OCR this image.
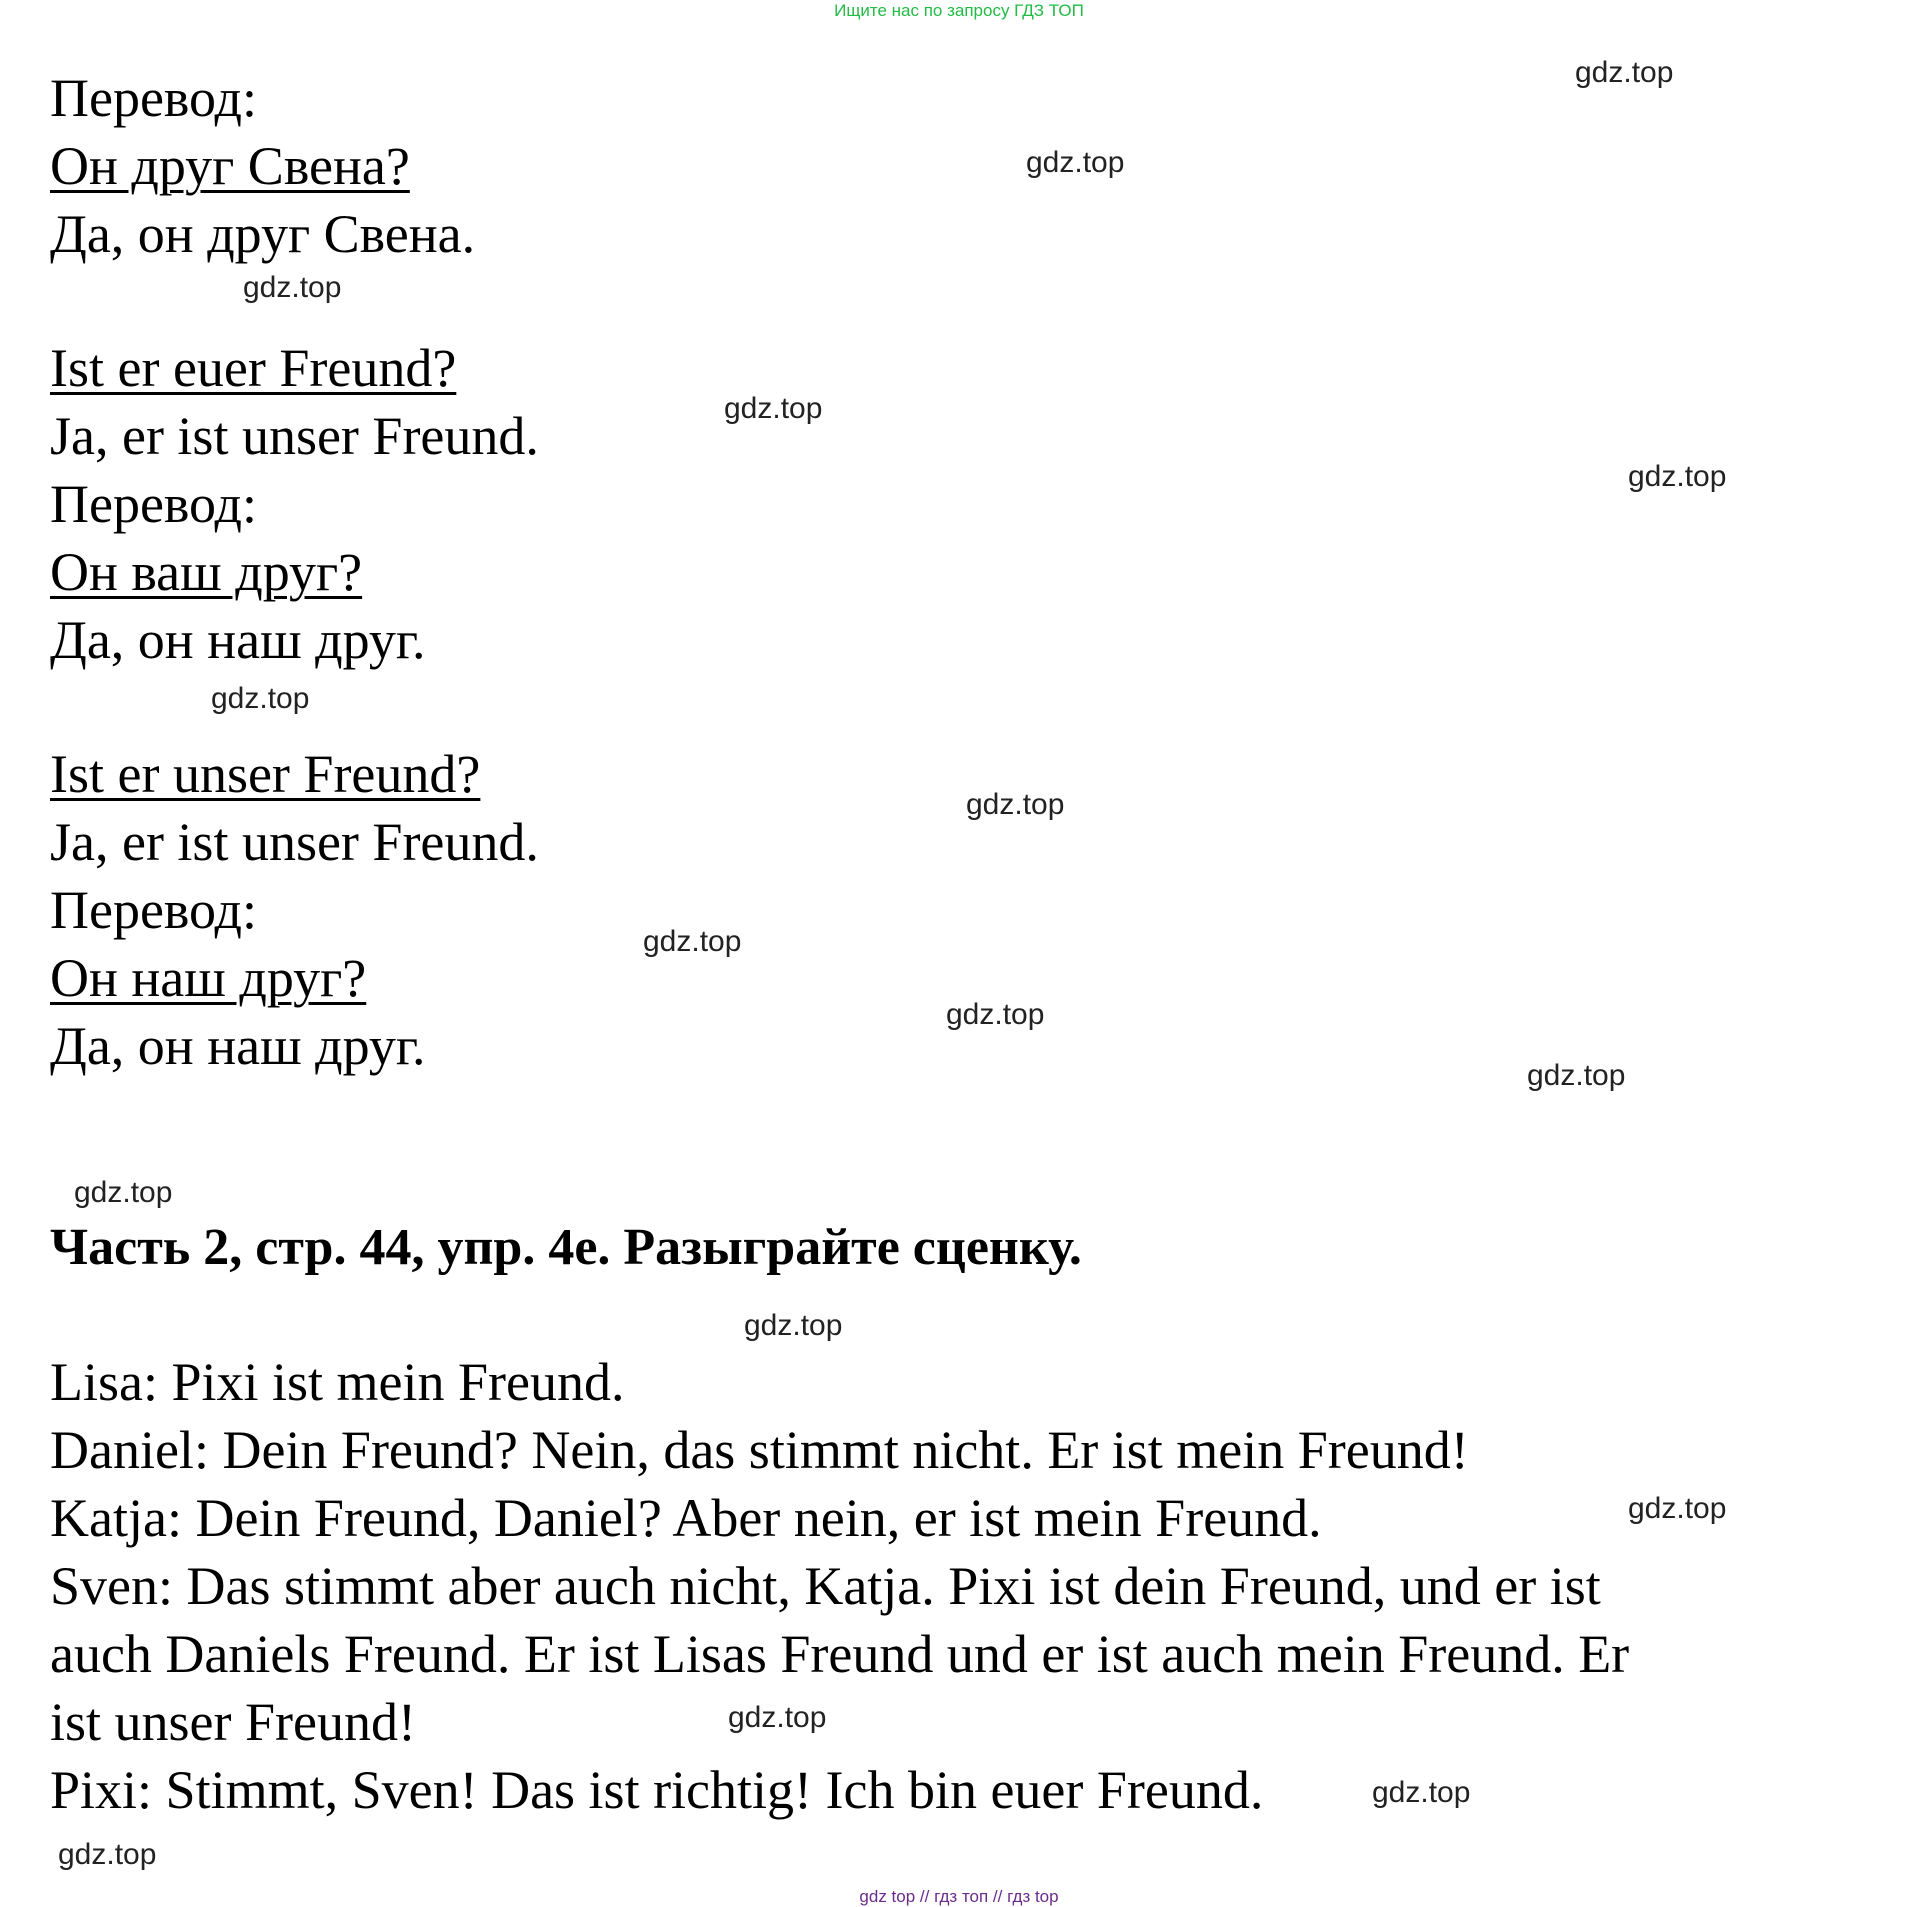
Ищите нас по запросу ГДЗ ТОП
Перевод:
Он друг Свена?
Да, он друг Свена.
Ist er euer Freund?
Ja, er ist unser Freund.
Перевод:
Он ваш друг?
Да, он наш друг.
Ist er unser Freund?
Ja, er ist unser Freund.
Перевод:
Он наш друг?
Да, он наш друг.
Часть 2, стр. 44, упр. 4е. Разыграйте сценку.
Lisa: Pixi ist mein Freund.
Daniel: Dein Freund? Nein, das stimmt nicht. Er ist mein Freund!
Katja: Dein Freund, Daniel? Aber nein, er ist mein Freund.
Sven: Das stimmt aber auch nicht, Katja. Pixi ist dein Freund, und er ist
auch Daniels Freund. Er ist Lisas Freund und er ist auch mein Freund. Er
ist unser Freund!
Pixi: Stimmt, Sven! Das ist richtig! Ich bin euer Freund.
gdz.top
gdz.top
gdz.top
gdz.top
gdz.top
gdz.top
gdz.top
gdz.top
gdz.top
gdz.top
gdz.top
gdz.top
gdz.top
gdz.top
gdz.top
gdz.top
gdz top // гдз топ // гдз top
